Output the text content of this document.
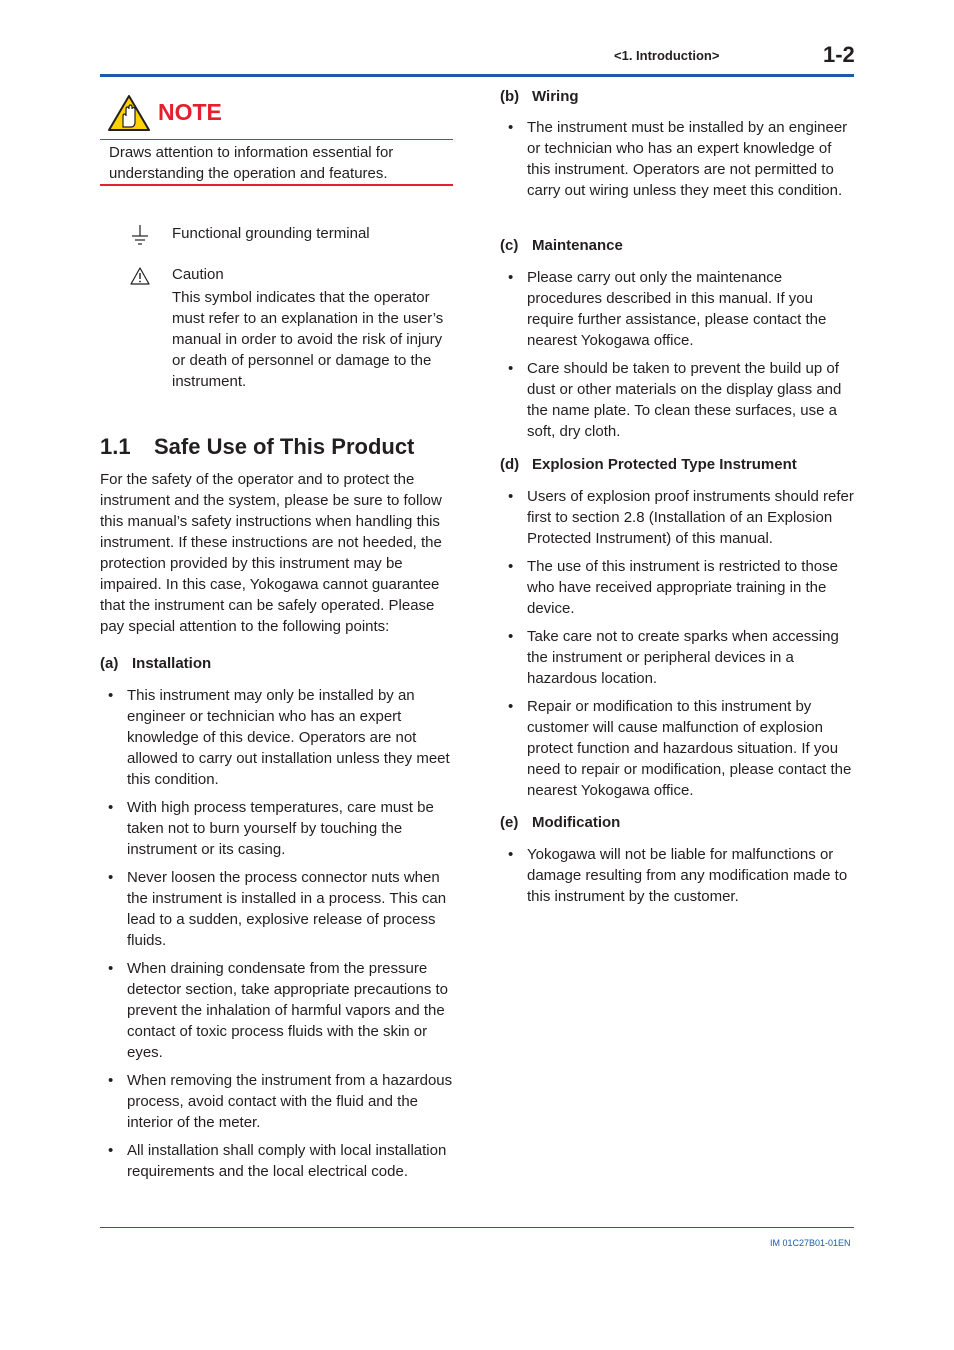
<1. Introduction>	1-2
NOTE
Draws attention to information essential for understanding the operation and features.
Functional grounding terminal
Caution
This symbol indicates that the operator must refer to an explanation in the user’s manual in order to avoid the risk of injury or death of personnel or damage to the instrument.
1.1 Safe Use of This Product
For the safety of the operator and to protect the instrument and the system, please be sure to follow this manual’s safety instructions when handling this instrument. If these instructions are not heeded, the protection provided by this instrument may be impaired. In this case, Yokogawa cannot guarantee that the instrument can be safely operated. Please pay special attention to the following points:
(a) Installation
• This instrument may only be installed by an engineer or technician who has an expert knowledge of this device. Operators are not allowed to carry out installation unless they meet this condition.
• With high process temperatures, care must be taken not to burn yourself by touching the instrument or its casing.
• Never loosen the process connector nuts when the instrument is installed in a process. This can lead to a sudden, explosive release of process fluids.
• When draining condensate from the pressure detector section, take appropriate precautions to prevent the inhalation of harmful vapors and the contact of toxic process fluids with the skin or eyes.
• When removing the instrument from a hazardous process, avoid contact with the fluid and the interior of the meter.
• All installation shall comply with local installation requirements and the local electrical code.
(b) Wiring
• The instrument must be installed by an engineer or technician who has an expert knowledge of this instrument. Operators are not permitted to carry out wiring unless they meet this condition.
(c) Maintenance
• Please carry out only the maintenance procedures described in this manual. If you require further assistance, please contact the nearest Yokogawa office.
• Care should be taken to prevent the build up of dust or other materials on the display glass and the name plate. To clean these surfaces, use a soft, dry cloth.
(d) Explosion Protected Type Instrument
• Users of explosion proof instruments should refer first to section 2.8 (Installation of an Explosion Protected Instrument) of this manual.
• The use of this instrument is restricted to those who have received appropriate training in the device.
• Take care not to create sparks when accessing the instrument or peripheral devices in a hazardous location.
• Repair or modification to this instrument by customer will cause malfunction of explosion protect function and hazardous situation. If you need to repair or modification, please contact the nearest Yokogawa office.
(e) Modification
• Yokogawa will not be liable for malfunctions or damage resulting from any modification made to this instrument by the customer.
IM 01C27B01-01EN
